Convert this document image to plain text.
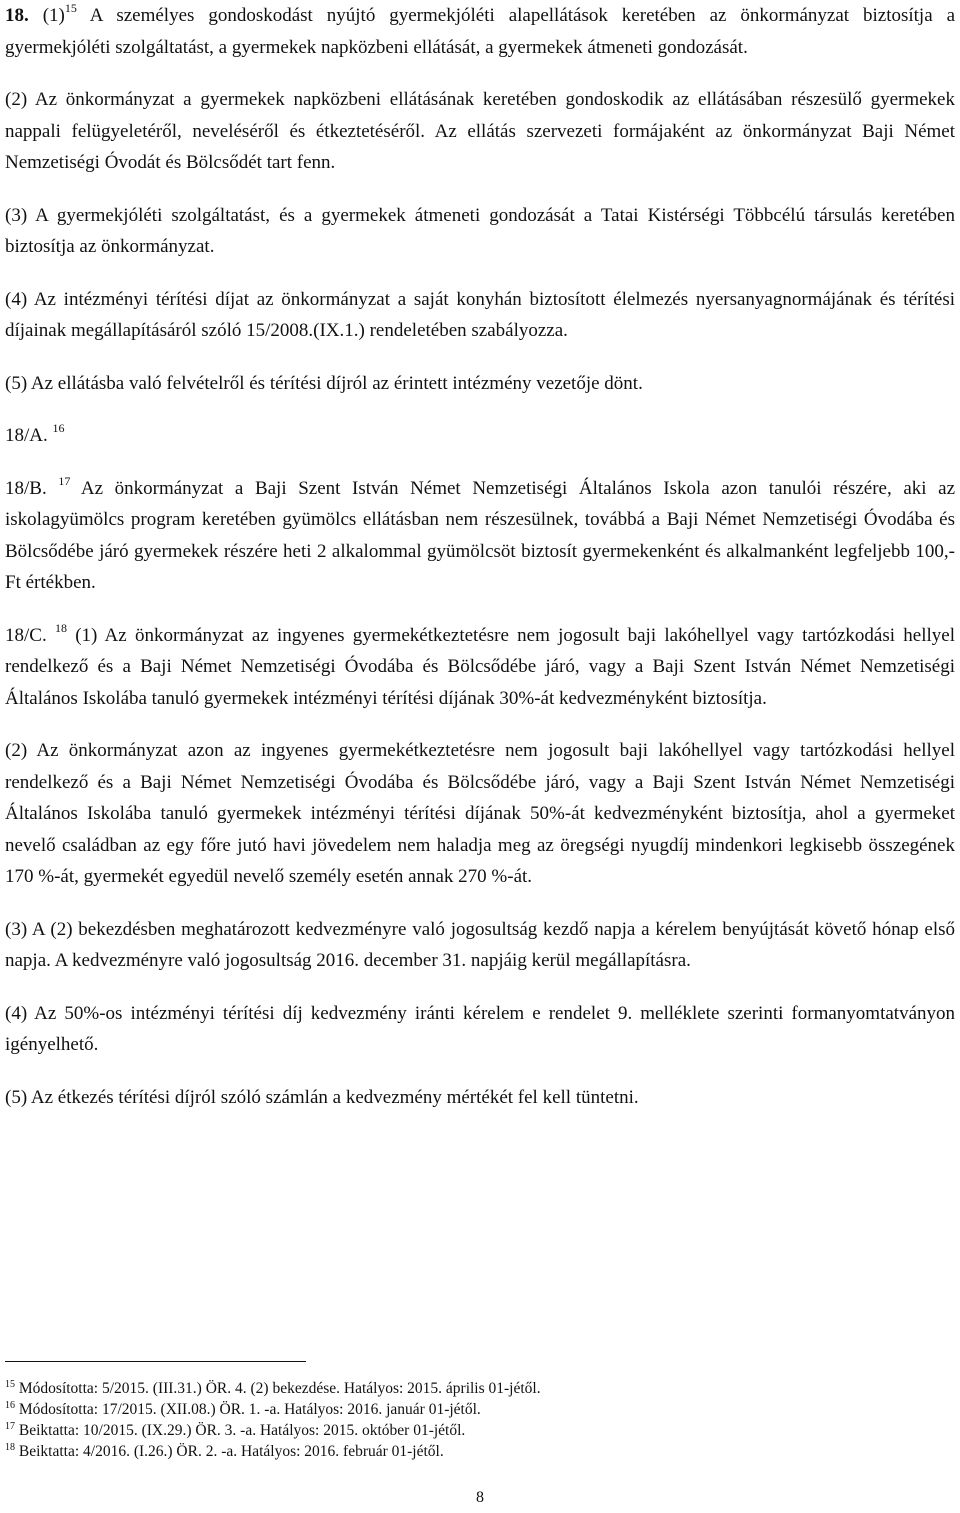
18. $(1)^{15}$ A személyes gondoskodást nyújtó gyermekjóléti alapellátások keretében az önkormányzat biztosítja a gyermekjóléti szolgáltatást, a gyermekek napközbeni ellátását, a gyermekek átmeneti gondozását.

(2) Az önkormányzat a gyermekek napközbeni ellátásának keretében gondoskodik az ellátásában részesülő gyermekek nappali felügyeletéről, neveléséről és étkeztetéséről. Az ellátás szervezeti formájaként az önkormányzat Baji Német Nemzetiségi Óvodát és Bölcsődét tart fenn.

(3) A gyermekjóléti szolgáltatást, és a gyermekek átmeneti gondozását a Tatai Kistérségi Többcélú társulás keretében biztosítja az önkormányzat.

(4) Az intézményi térítési díjat az önkormányzat a saját konyhán biztosított élelmezés nyersanyagnormájának és térítési díjainak megállapításáról szóló 15/2008.(IX.1.) rendeletében szabályozza.

(5) Az ellátásba való felvételről és térítési díjról az érintett intézmény vezetője dönt.

18/A. $^{16}$

18/B. $^{17}$ Az önkormányzat a Baji Szent István Német Nemzetiségi Általános Iskola azon tanulói részére, aki az iskolagyümölcs program keretében gyümölcs ellátásban nem részesülnek, továbbá a Baji Német Nemzetiségi Óvodába és Bölcsődébe járó gyermekek részére heti 2 alkalommal gyümölcsöt biztosít gyermekenként és alkalmanként legfeljebb 100,- Ft értékben.

18/C. $^{18}$ (1) Az önkormányzat az ingyenes gyermekétkeztetésre nem jogosult baji lakóhellyel vagy tartózkodási hellyel rendelkező és a Baji Német Nemzetiségi Óvodába és Bölcsődébe járó, vagy a Baji Szent István Német Nemzetiségi Általános Iskolába tanuló gyermekek intézményi térítési díjának 30%-át kedvezményként biztosítja.

(2) Az önkormányzat azon az ingyenes gyermekétkeztetésre nem jogosult baji lakóhellyel vagy tartózkodási hellyel rendelkező és a Baji Német Nemzetiségi Óvodába és Bölcsődébe járó, vagy a Baji Szent István Német Nemzetiségi Általános Iskolába tanuló gyermekek intézményi térítési díjának 50%-át kedvezményként biztosítja, ahol a gyermeket nevelő családban az egy főre jutó havi jövedelem nem haladja meg az öregségi nyugdíj mindenkori legkisebb összegének 170 %-át, gyermekét egyedül nevelő személy esetén annak 270 %-át.

(3) A (2) bekezdésben meghatározott kedvezményre való jogosultság kezdő napja a kérelem benyújtását követő hónap első napja. A kedvezményre való jogosultság 2016. december 31. napjáig kerül megállapításra.

(4) Az 50%-os intézményi térítési díj kedvezmény iránti kérelem e rendelet 9. melléklete szerinti formanyomtatványon igényelhető.

(5) Az étkezés térítési díjról szóló számlán a kedvezmény mértékét fel kell tüntetni.

$^{15}$ Módosította: 5/2015. (III.31.) ÖR. 4. (2) bekezdése. Hatályos: 2015. április 01-jétől.
$^{16}$ Módosította: 17/2015. (XII.08.) ÖR. 1. -a. Hatályos: 2016. január 01-jétől.
$^{17}$ Beiktatta: 10/2015. (IX.29.) ÖR. 3. -a. Hatályos: 2015. október 01-jétől.
$^{18}$ Beiktatta: 4/2016. (I.26.) ÖR. 2. -a. Hatályos: 2016. február 01-jétől.
8
